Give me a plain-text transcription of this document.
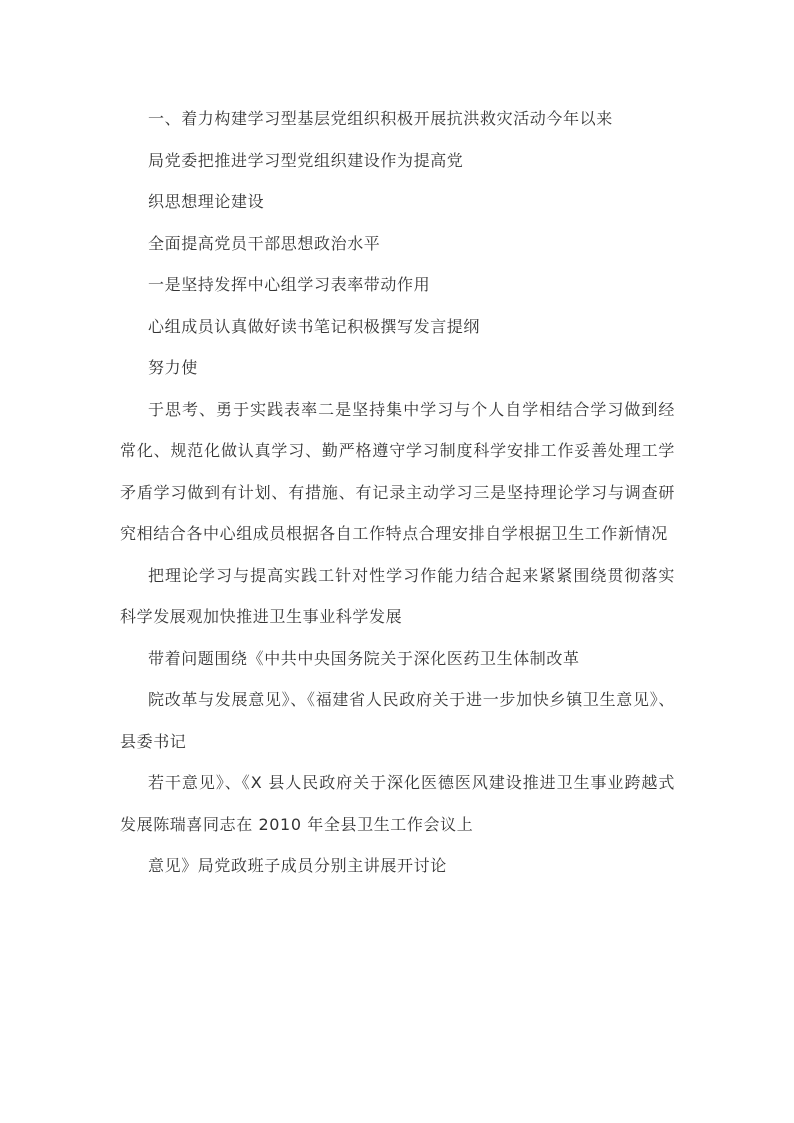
一、着力构建学习型基层党组织积极开展抗洪救灾活动今年以来

局党委把推进学习型党组织建设作为提高党

织思想理论建设

全面提高党员干部思想政治水平

一是坚持发挥中心组学习表率带动作用

心组成员认真做好读书笔记积极撰写发言提纲

努力使

于思考、勇于实践表率二是坚持集中学习与个人自学相结合学习做到经常化、规范化做认真学习、勤严格遵守学习制度科学安排工作妥善处理工学矛盾学习做到有计划、有措施、有记录主动学习三是坚持理论学习与调查研究相结合各中心组成员根据各自工作特点合理安排自学根据卫生工作新情况

把理论学习与提高实践工针对性学习作能力结合起来紧紧围绕贯彻落实科学发展观加快推进卫生事业科学发展

带着问题围绕《中共中央国务院关于深化医药卫生体制改革

院改革与发展意见》、《福建省人民政府关于进一步加快乡镇卫生意见》、县委书记

若干意见》、《X 县人民政府关于深化医德医风建设推进卫生事业跨越式发展陈瑞喜同志在 2010 年全县卫生工作会议上

意见》局党政班子成员分别主讲展开讨论
